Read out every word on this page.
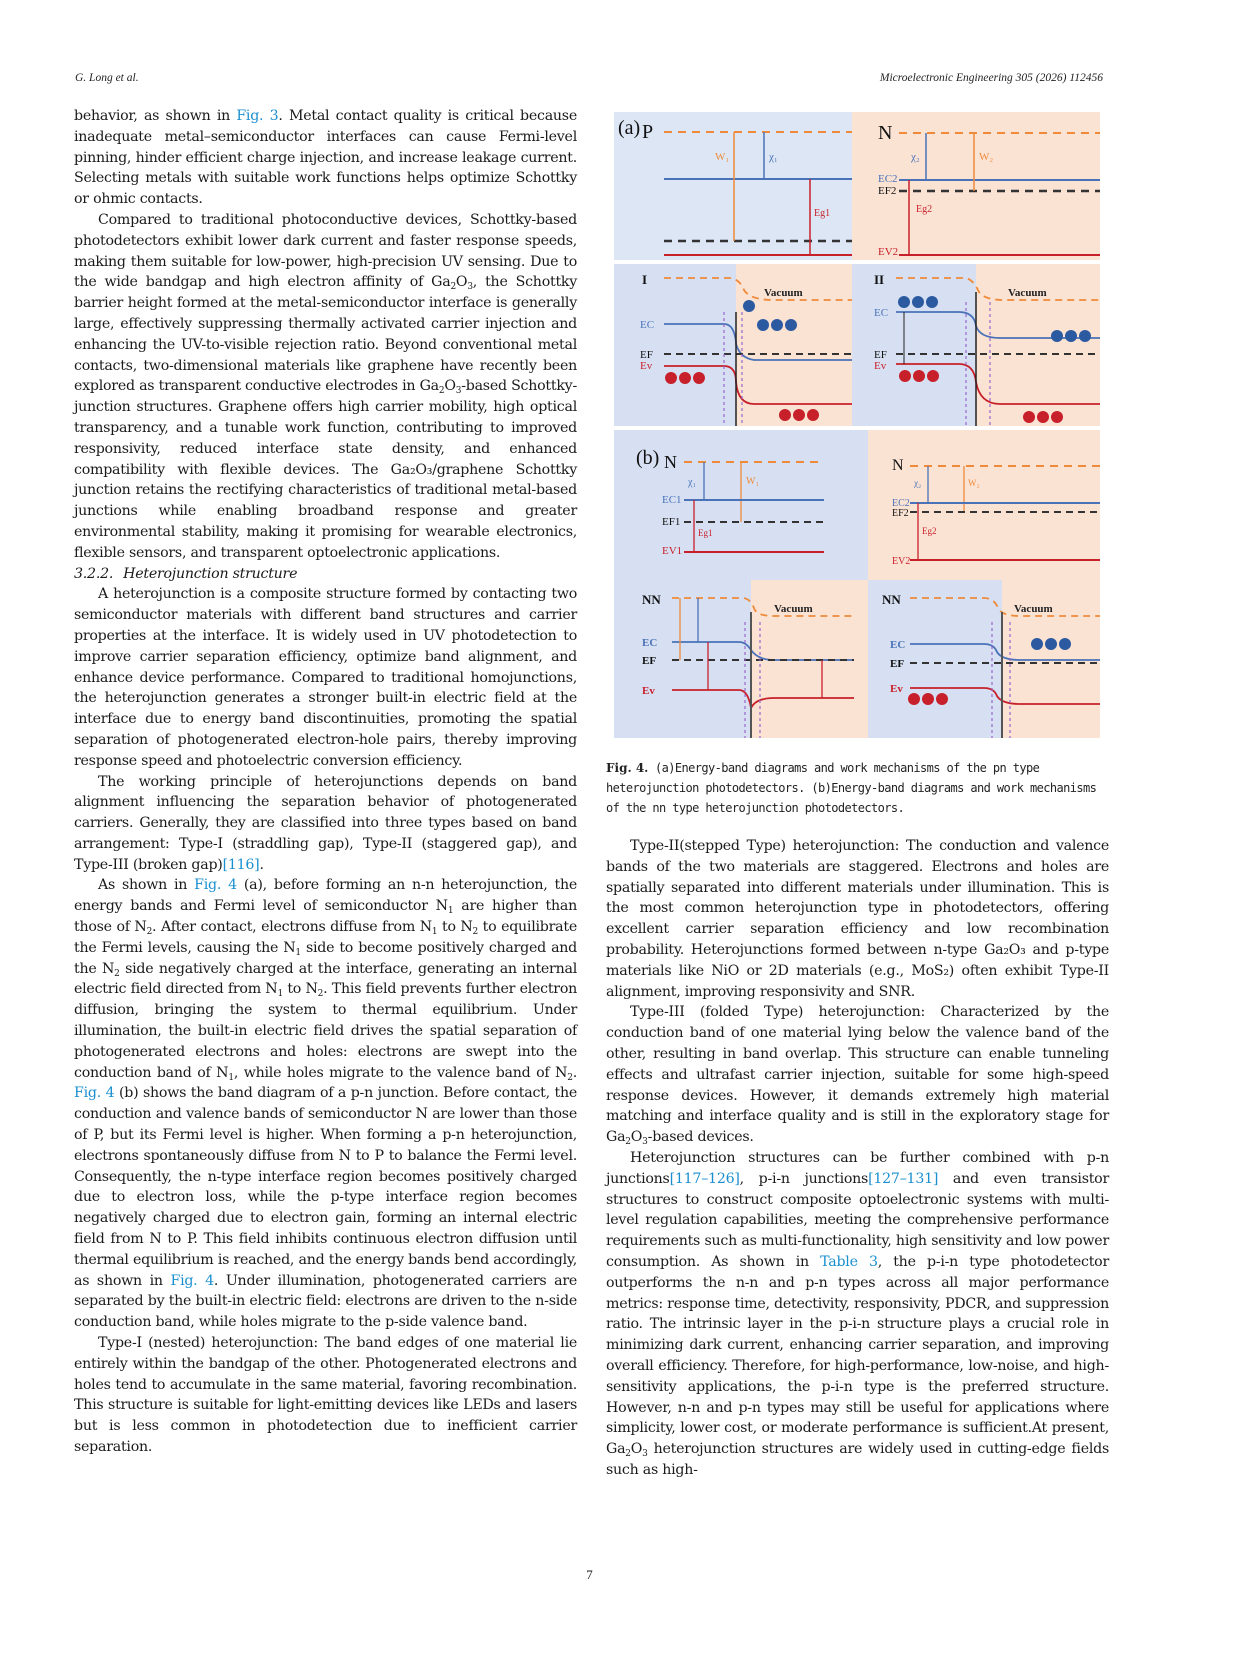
G. Long et al.	Microelectronic Engineering 305 (2026) 112456

behavior, as shown in Fig. 3. Metal contact quality is critical because inadequate metal–semiconductor interfaces can cause Fermi-level pinning, hinder efficient charge injection, and increase leakage current. Selecting metals with suitable work functions helps optimize Schottky or ohmic contacts.

Compared to traditional photoconductive devices, Schottky-based photodetectors exhibit lower dark current and faster response speeds, making them suitable for low-power, high-precision UV sensing. Due to the wide bandgap and high electron affinity of $Ga_2O_3$, the Schottky barrier height formed at the metal-semiconductor interface is generally large, effectively suppressing thermally activated carrier injection and enhancing the UV-to-visible rejection ratio. Beyond conventional metal contacts, two-dimensional materials like graphene have recently been explored as transparent conductive electrodes in $Ga_2O_3$-based Schottky-junction structures. Graphene offers high carrier mobility, high optical transparency, and a tunable work function, contributing to improved responsivity, reduced interface state density, and enhanced compatibility with flexible devices. The Ga₂O₃/graphene Schottky junction retains the rectifying characteristics of traditional metal-based junctions while enabling broadband response and greater environmental stability, making it promising for wearable electronics, flexible sensors, and transparent optoelectronic applications.

3.2.2. Heterojunction structure

A heterojunction is a composite structure formed by contacting two semiconductor materials with different band structures and carrier properties at the interface. It is widely used in UV photodetection to improve carrier separation efficiency, optimize band alignment, and enhance device performance. Compared to traditional homojunctions, the heterojunction generates a stronger built-in electric field at the interface due to energy band discontinuities, promoting the spatial separation of photogenerated electron-hole pairs, thereby improving response speed and photoelectric conversion efficiency.

The working principle of heterojunctions depends on band alignment influencing the separation behavior of photogenerated carriers. Generally, they are classified into three types based on band arrangement: Type-I (straddling gap), Type-II (staggered gap), and Type-III (broken gap)[116].

As shown in Fig. 4 (a), before forming an n-n heterojunction, the energy bands and Fermi level of semiconductor $N_1$ are higher than those of $N_2$. After contact, electrons diffuse from $N_1$ to $N_2$ to equilibrate the Fermi levels, causing the $N_1$ side to become positively charged and the $N_2$ side negatively charged at the interface, generating an internal electric field directed from $N_1$ to $N_2$. This field prevents further electron diffusion, bringing the system to thermal equilibrium. Under illumination, the built-in electric field drives the spatial separation of photogenerated electrons and holes: electrons are swept into the conduction band of $N_1$, while holes migrate to the valence band of $N_2$. Fig. 4 (b) shows the band diagram of a p-n junction. Before contact, the conduction and valence bands of semiconductor N are lower than those of P, but its Fermi level is higher. When forming a p-n heterojunction, electrons spontaneously diffuse from N to P to balance the Fermi level. Consequently, the n-type interface region becomes positively charged due to electron loss, while the p-type interface region becomes negatively charged due to electron gain, forming an internal electric field from N to P. This field inhibits continuous electron diffusion until thermal equilibrium is reached, and the energy bands bend accordingly, as shown in Fig. 4. Under illumination, photogenerated carriers are separated by the built-in electric field: electrons are driven to the n-side conduction band, while holes migrate to the p-side valence band.

Type-I (nested) heterojunction: The band edges of one material lie entirely within the bandgap of the other. Photogenerated electrons and holes tend to accumulate in the same material, favoring recombination. This structure is suitable for light-emitting devices like LEDs and lasers but is less common in photodetection due to inefficient carrier separation.

(a) P
W₁	χ₁
Eg1
N
EC2
EF2
EV2
χ₂	W₂
Eg2
I
Vacuum
EC
EF
Ev
II
Vacuum
EC
EF
Ev
(b) N
χ₁	W₁
EC1
EF1
Eg1
EV1
N
χ₂	W₂
EC2
EF2
Eg2
EV2
NN
Vacuum
EC
EF
Ev
NN
Vacuum
EC
EF
Ev
Fig. 4. (a)Energy-band diagrams and work mechanisms of the pn type heterojunction photodetectors. (b)Energy-band diagrams and work mechanisms of the nn type heterojunction photodetectors.

Type-II(stepped Type) heterojunction: The conduction and valence bands of the two materials are staggered. Electrons and holes are spatially separated into different materials under illumination. This is the most common heterojunction type in photodetectors, offering excellent carrier separation efficiency and low recombination probability. Heterojunctions formed between n-type Ga₂O₃ and p-type materials like NiO or 2D materials (e.g., MoS₂) often exhibit Type-II alignment, improving responsivity and SNR.

Type-III (folded Type) heterojunction: Characterized by the conduction band of one material lying below the valence band of the other, resulting in band overlap. This structure can enable tunneling effects and ultrafast carrier injection, suitable for some high-speed response devices. However, it demands extremely high material matching and interface quality and is still in the exploratory stage for $Ga_2O_3$-based devices.

Heterojunction structures can be further combined with p-n junctions[117–126], p-i-n junctions[127–131] and even transistor structures to construct composite optoelectronic systems with multi-level regulation capabilities, meeting the comprehensive performance requirements such as multi-functionality, high sensitivity and low power consumption. As shown in Table 3, the p-i-n type photodetector outperforms the n-n and p-n types across all major performance metrics: response time, detectivity, responsivity, PDCR, and suppression ratio. The intrinsic layer in the p-i-n structure plays a crucial role in minimizing dark current, enhancing carrier separation, and improving overall efficiency. Therefore, for high-performance, low-noise, and high-sensitivity applications, the p-i-n type is the preferred structure. However, n-n and p-n types may still be useful for applications where simplicity, lower cost, or moderate performance is sufficient.At present, $Ga_2O_3$ heterojunction structures are widely used in cutting-edge fields such as high-

7
